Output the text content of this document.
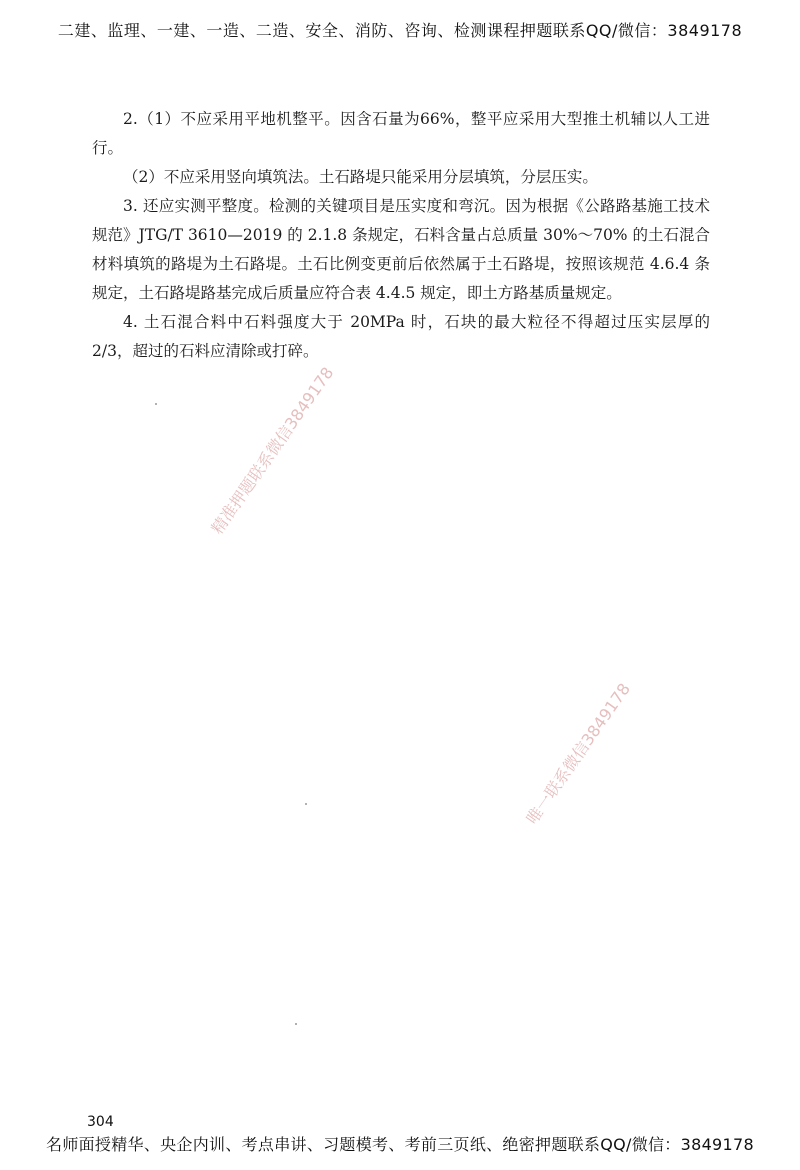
二建、监理、一建、一造、二造、安全、消防、咨询、检测课程押题联系QQ/微信：3849178

2.（1）不应采用平地机整平。因含石量为66%，整平应采用大型推土机辅以人工进行。

（2）不应采用竖向填筑法。土石路堤只能采用分层填筑，分层压实。

3. 还应实测平整度。检测的关键项目是压实度和弯沉。因为根据《公路路基施工技术规范》JTG/T 3610—2019 的 2.1.8 条规定，石料含量占总质量 30%～70% 的土石混合材料填筑的路堤为土石路堤。土石比例变更前后依然属于土石路堤，按照该规范 4.6.4 条规定，土石路堤路基完成后质量应符合表 4.4.5 规定，即土方路基质量规定。

4. 土石混合料中石料强度大于 20MPa 时，石块的最大粒径不得超过压实层厚的 2/3，超过的石料应清除或打碎。

精准押题联系微信3849178
唯一联系微信3849178
304
名师面授精华、央企内训、考点串讲、习题模考、考前三页纸、绝密押题联系QQ/微信：3849178
